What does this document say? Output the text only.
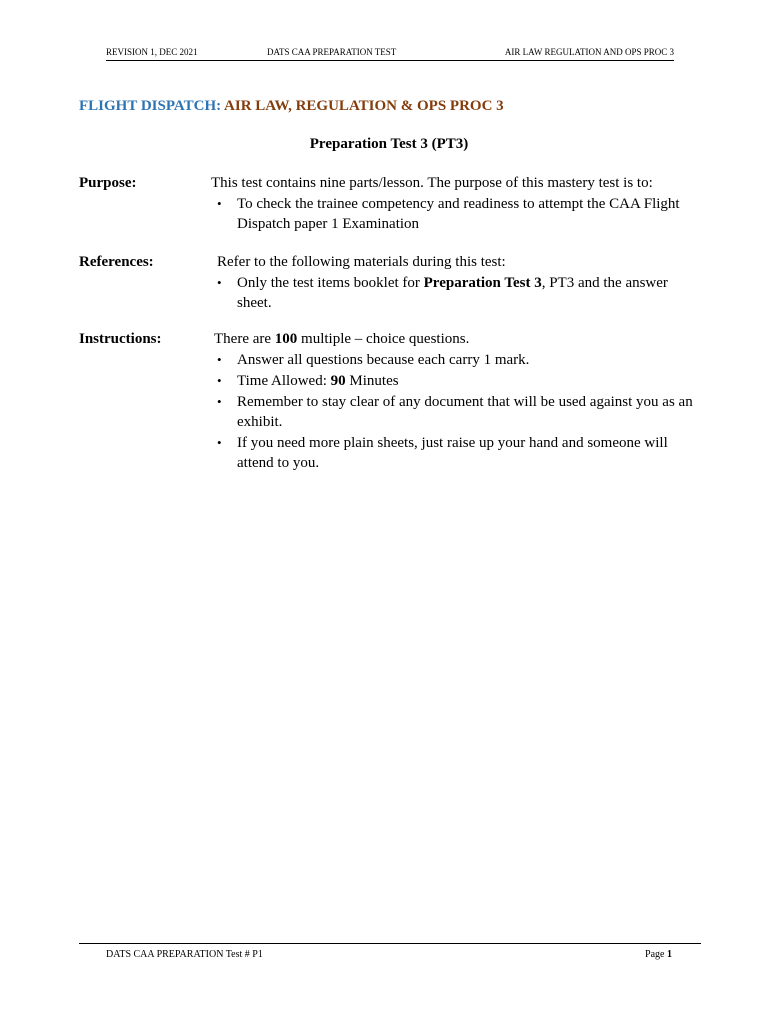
REVISION 1, DEC 2021	DATS CAA PREPARATION TEST	AIR LAW REGULATION AND OPS PROC 3
FLIGHT DISPATCH: AIR LAW, REGULATION & OPS PROC 3
Preparation Test 3 (PT3)
Purpose:	This test contains nine parts/lesson. The purpose of this mastery test is to:

• To check the trainee competency and readiness to attempt the CAA Flight Dispatch paper 1 Examination
References:	Refer to the following materials during this test:

• Only the test items booklet for Preparation Test 3, PT3 and the answer sheet.
Instructions:	There are 100 multiple – choice questions.

• Answer all questions because each carry 1 mark.
• Time Allowed: 90 Minutes
• Remember to stay clear of any document that will be used against you as an exhibit.
• If you need more plain sheets, just raise up your hand and someone will attend to you.
DATS CAA PREPARATION Test # P1	Page 1
